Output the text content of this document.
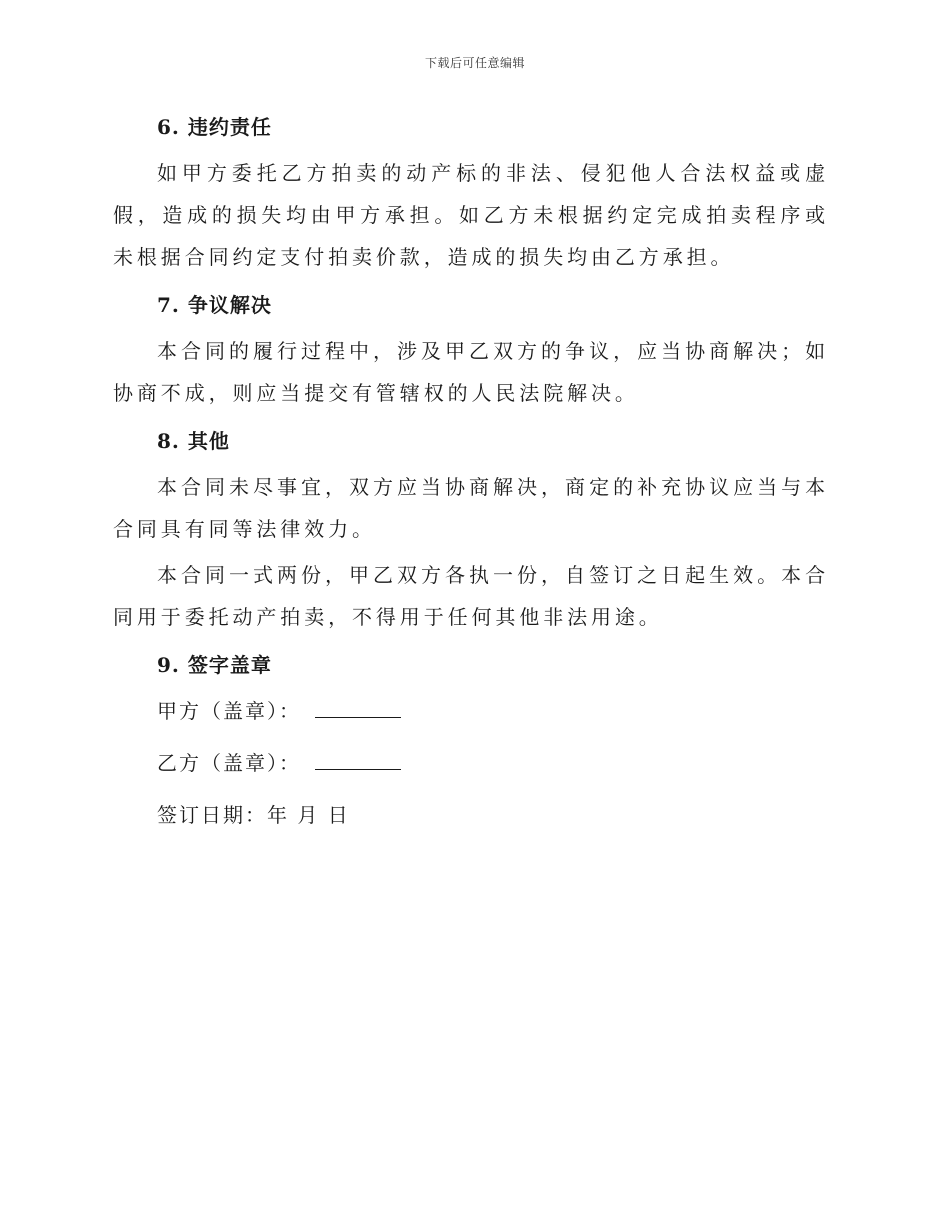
下载后可任意编辑
6. 违约责任

如甲方委托乙方拍卖的动产标的非法、侵犯他人合法权益或虚假，造成的损失均由甲方承担。如乙方未根据约定完成拍卖程序或未根据合同约定支付拍卖价款，造成的损失均由乙方承担。

7. 争议解决

本合同的履行过程中，涉及甲乙双方的争议，应当协商解决；如协商不成，则应当提交有管辖权的人民法院解决。

8. 其他

本合同未尽事宜，双方应当协商解决，商定的补充协议应当与本合同具有同等法律效力。

本合同一式两份，甲乙双方各执一份，自签订之日起生效。本合同用于委托动产拍卖，不得用于任何其他非法用途。

9. 签字盖章
甲方（盖章）：
乙方（盖章）：
签订日期：年 月 日
